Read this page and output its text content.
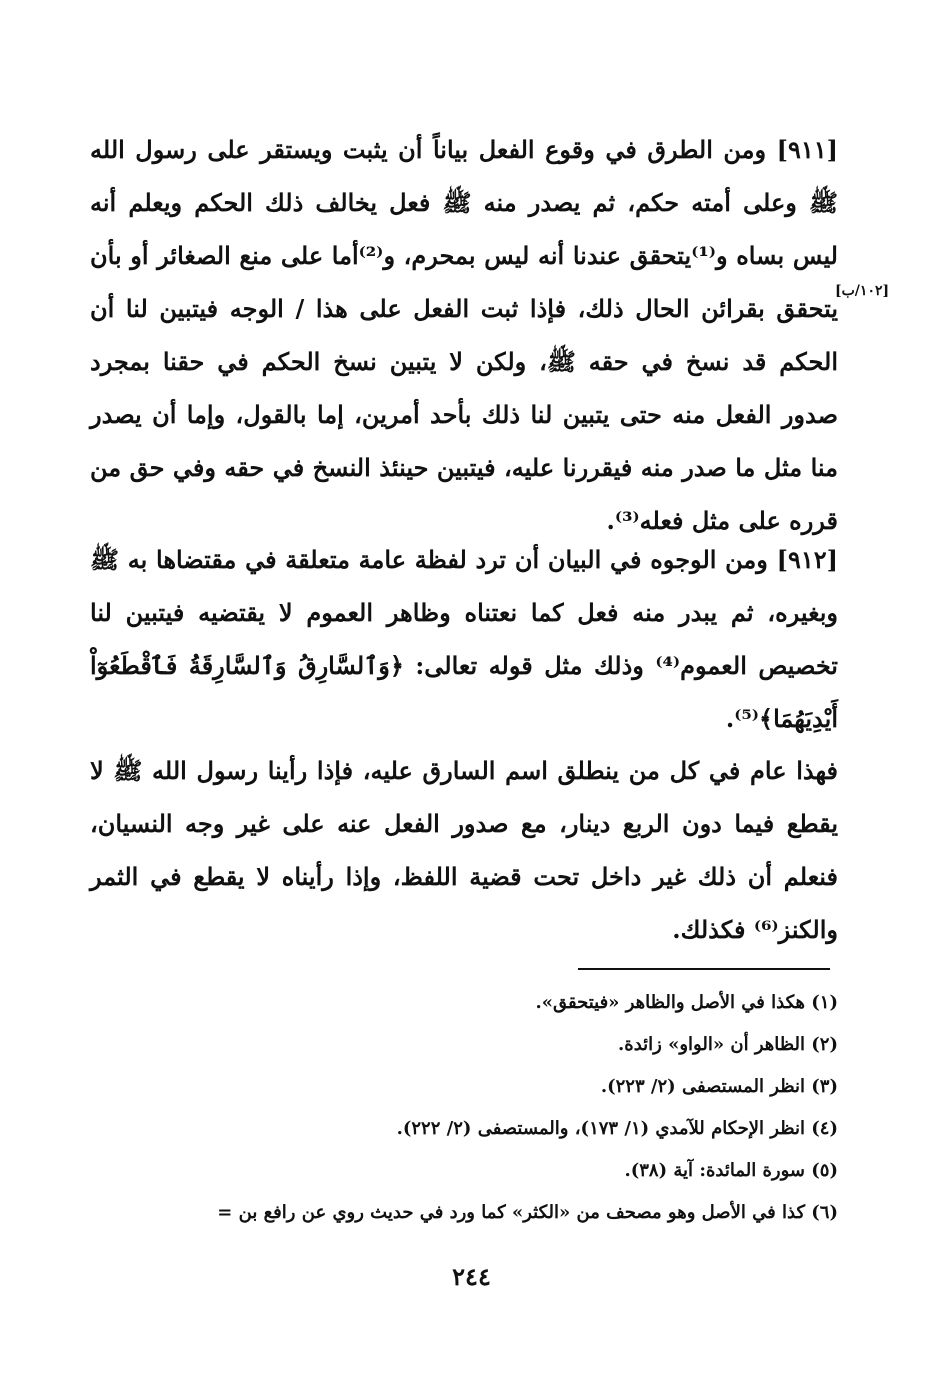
[٩١١] ومن الطرق في وقوع الفعل بياناً أن يثبت ويستقر على رسول الله ﷺ وعلى أمته حكم، ثم يصدر منه ﷺ فعل يخالف ذلك الحكم ويعلم أنه ليس بساه و⁽¹⁾يتحقق عندنا أنه ليس بمحرم، و⁽²⁾أما على منع الصغائر أو بأن يتحقق بقرائن الحال ذلك، فإذا ثبت الفعل على هذا / الوجه فيتبين لنا أن الحكم قد نسخ في حقه ﷺ، ولكن لا يتبين نسخ الحكم في حقنا بمجرد صدور الفعل منه حتى يتبين لنا ذلك بأحد أمرين، إما بالقول، وإما أن يصدر منا مثل ما صدر منه فيقررنا عليه، فيتبين حينئذ النسخ في حقه وفي حق من قرره على مثل فعله⁽³⁾.

[١٠٢/ب]

[٩١٢] ومن الوجوه في البيان أن ترد لفظة عامة متعلقة في مقتضاها به ﷺ وبغيره، ثم يبدر منه فعل كما نعتناه وظاهر العموم لا يقتضيه فيتبين لنا تخصيص العموم⁽⁴⁾ وذلك مثل قوله تعالى: ﴿وَٱلسَّارِقُ وَٱلسَّارِقَةُ فَٱقْطَعُوٓاْ أَيْدِيَهُمَا﴾⁽⁵⁾.

فهذا عام في كل من ينطلق اسم السارق عليه، فإذا رأينا رسول الله ﷺ لا يقطع فيما دون الربع دينار، مع صدور الفعل عنه على غير وجه النسيان، فنعلم أن ذلك غير داخل تحت قضية اللفظ، وإذا رأيناه لا يقطع في الثمر والكنز⁽⁶⁾ فكذلك.

(١) هكذا في الأصل والظاهر «فيتحقق».
(٢) الظاهر أن «الواو» زائدة.
(٣) انظر المستصفى (٢/ ٢٢٣).
(٤) انظر الإحكام للآمدي (١/ ١٧٣)، والمستصفى (٢/ ٢٢٢).
(٥) سورة المائدة: آية (٣٨).
(٦) كذا في الأصل وهو مصحف من «الكثر» كما ورد في حديث روي عن رافع بن =
٢٤٤
